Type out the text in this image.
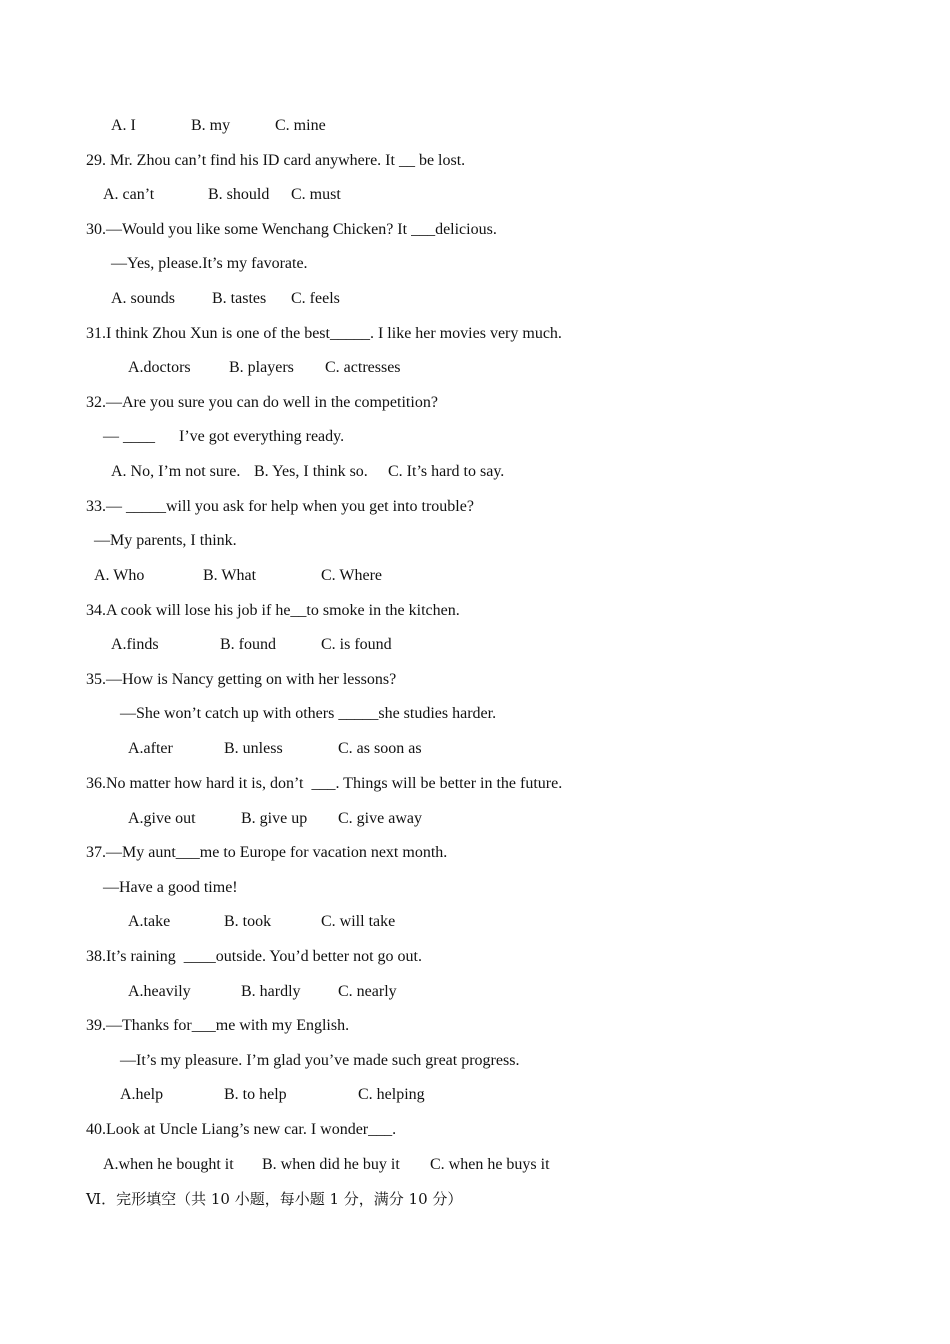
A. I	B. my	C. mine
29. Mr. Zhou can’t find his ID card anywhere. It __ be lost.
A. can’t	B. should C. must
30.—Would you like some Wenchang Chicken? It ___delicious.
—Yes, please.It’s my favorate.
A. sounds B. tastes C. feels
31.I think Zhou Xun is one of the best_____. I like her movies very much.
A.doctors B. players C. actresses
32.—Are you sure you can do well in the competition?
— ____      I’ve got everything ready.
A. No, I’m not sure. B. Yes, I think so. C. It’s hard to say.
33.— _____will you ask for help when you get into trouble?
—My parents, I think.
A. Who	B. What	C. Where
34.A cook will lose his job if he__to smoke in the kitchen.
A.finds	B. found	C. is found
35.—How is Nancy getting on with her lessons?
—She won’t catch up with others _____she studies harder.
A.after	B. unless	C. as soon as
36.No matter how hard it is, don’t  ___. Things will be better in the future.
A.give out	B. give up C. give away
37.—My aunt___me to Europe for vacation next month.
—Have a good time!
A.take	B. took	C. will take
38.It’s raining  ____outside. You’d better not go out.
A.heavily	B. hardly C. nearly
39.—Thanks for___me with my English.
—It’s my pleasure. I’m glad you’ve made such great progress.
A.help	B. to help	C. helping
40.Look at Uncle Liang’s new car. I wonder___.
A.when he bought it B. when did he buy it C. when he buys it
Ⅵ．完形填空（共 10 小题，每小题 1 分，满分 10 分）
